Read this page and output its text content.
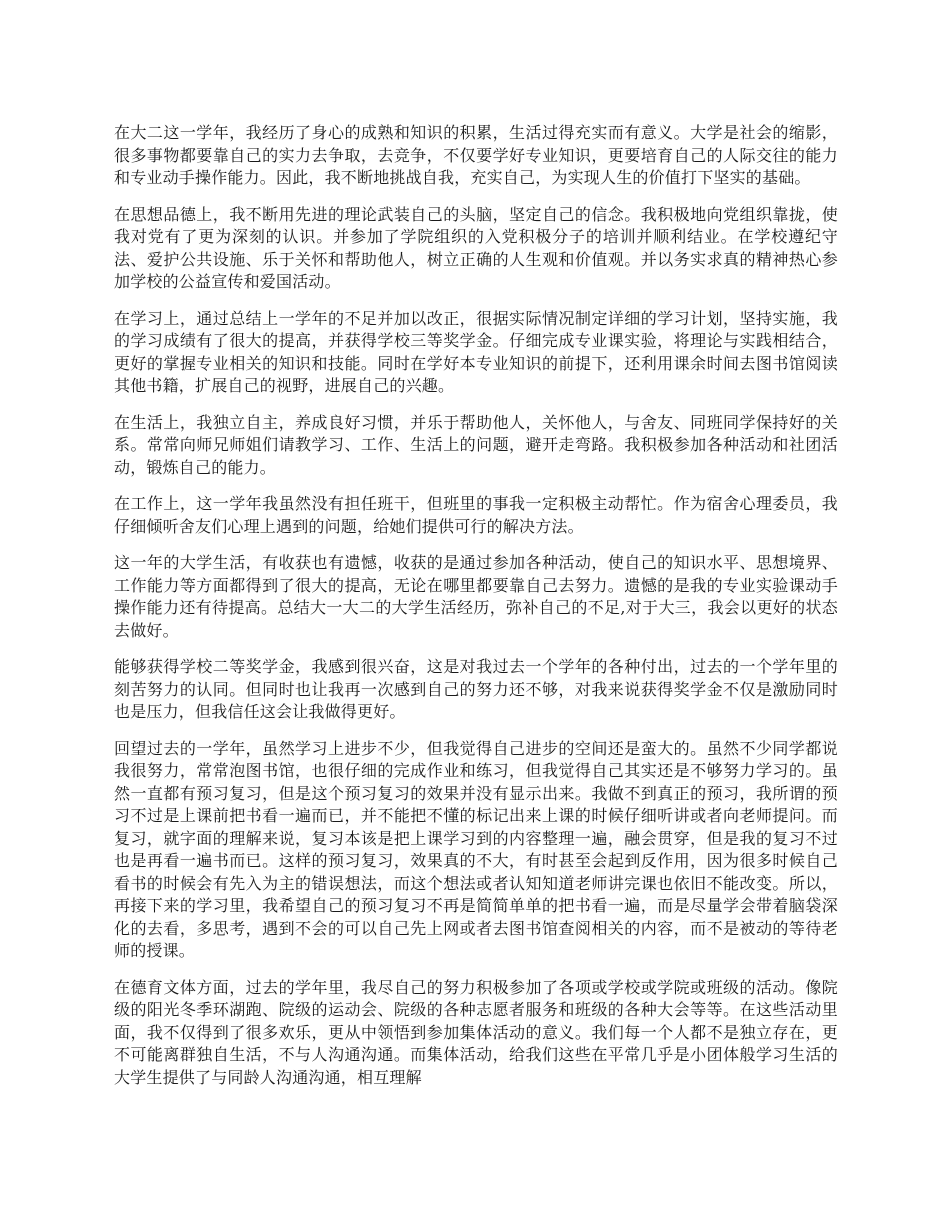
在大二这一学年，我经历了身心的成熟和知识的积累，生活过得充实而有意义。大学是社会的缩影，很多事物都要靠自己的实力去争取，去竞争，不仅要学好专业知识，更要培育自己的人际交往的能力和专业动手操作能力。因此，我不断地挑战自我，充实自己，为实现人生的价值打下坚实的基础。

在思想品德上，我不断用先进的理论武装自己的头脑，坚定自己的信念。我积极地向党组织靠拢，使我对党有了更为深刻的认识。并参加了学院组织的入党积极分子的培训并顺利结业。在学校遵纪守法、爱护公共设施、乐于关怀和帮助他人，树立正确的人生观和价值观。并以务实求真的精神热心参加学校的公益宣传和爱国活动。

在学习上，通过总结上一学年的不足并加以改正，很据实际情况制定详细的学习计划，坚持实施，我的学习成绩有了很大的提高，并获得学校三等奖学金。仔细完成专业课实验，将理论与实践相结合，更好的掌握专业相关的知识和技能。同时在学好本专业知识的前提下，还利用课余时间去图书馆阅读其他书籍，扩展自己的视野，进展自己的兴趣。

在生活上，我独立自主，养成良好习惯，并乐于帮助他人，关怀他人，与舍友、同班同学保持好的关系。常常向师兄师姐们请教学习、工作、生活上的问题，避开走弯路。我积极参加各种活动和社团活动，锻炼自己的能力。

在工作上，这一学年我虽然没有担任班干，但班里的事我一定积极主动帮忙。作为宿舍心理委员，我仔细倾听舍友们心理上遇到的问题，给她们提供可行的解决方法。

这一年的大学生活，有收获也有遗憾，收获的是通过参加各种活动，使自己的知识水平、思想境界、工作能力等方面都得到了很大的提高，无论在哪里都要靠自己去努力。遗憾的是我的专业实验课动手操作能力还有待提高。总结大一大二的大学生活经历，弥补自己的不足,对于大三，我会以更好的状态去做好。

能够获得学校二等奖学金，我感到很兴奋，这是对我过去一个学年的各种付出，过去的一个学年里的刻苦努力的认同。但同时也让我再一次感到自己的努力还不够，对我来说获得奖学金不仅是激励同时也是压力，但我信任这会让我做得更好。

回望过去的一学年，虽然学习上进步不少，但我觉得自己进步的空间还是蛮大的。虽然不少同学都说我很努力，常常泡图书馆，也很仔细的完成作业和练习，但我觉得自己其实还是不够努力学习的。虽然一直都有预习复习，但是这个预习复习的效果并没有显示出来。我做不到真正的预习，我所谓的预习不过是上课前把书看一遍而已，并不能把不懂的标记出来上课的时候仔细听讲或者向老师提问。而复习，就字面的理解来说，复习本该是把上课学习到的内容整理一遍，融会贯穿，但是我的复习不过也是再看一遍书而已。这样的预习复习，效果真的不大，有时甚至会起到反作用，因为很多时候自己看书的时候会有先入为主的错误想法，而这个想法或者认知知道老师讲完课也依旧不能改变。所以，再接下来的学习里，我希望自己的预习复习不再是简简单单的把书看一遍，而是尽量学会带着脑袋深化的去看，多思考，遇到不会的可以自己先上网或者去图书馆查阅相关的内容，而不是被动的等待老师的授课。

在德育文体方面，过去的学年里，我尽自己的努力积极参加了各项或学校或学院或班级的活动。像院级的阳光冬季环湖跑、院级的运动会、院级的各种志愿者服务和班级的各种大会等等。在这些活动里面，我不仅得到了很多欢乐，更从中领悟到参加集体活动的意义。我们每一个人都不是独立存在，更不可能离群独自生活，不与人沟通沟通。而集体活动，给我们这些在平常几乎是小团体般学习生活的大学生提供了与同龄人沟通沟通，相互理解
